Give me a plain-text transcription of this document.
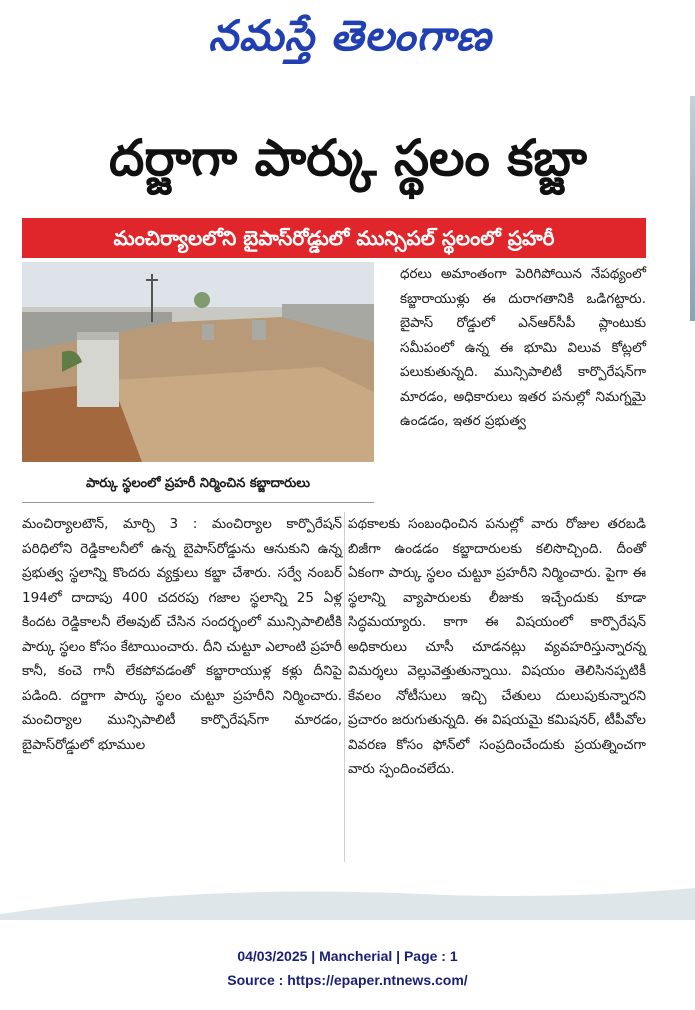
నమస్తే తెలంగాణ
దర్జాగా పార్కు స్థలం కబ్జా
మంచిర్యాలలోని బైపాస్‌రోడ్డులో మున్సిపల్ స్థలంలో ప్రహరీ
పార్కు స్థలంలో ప్రహరీ నిర్మించిన కబ్జాదారులు

ధరలు అమాంతంగా పెరిగిపోయిన నేపథ్యంలో కబ్జారాయుళ్లు ఈ దురాగతానికి ఒడిగట్టారు. బైపాస్ రోడ్డులో ఎన్ఆర్‌సీపీ ప్లాంటుకు సమీపంలో ఉన్న ఈ భూమి విలువ కోట్లలో పలుకుతున్నది. మున్సిపాలిటీ కార్పొరేషన్‌గా మారడం, అధికారులు ఇతర పనుల్లో నిమగ్నమై ఉండడం, ఇతర ప్రభుత్వ

మంచిర్యాలటౌన్, మార్చి 3 : మంచిర్యాల కార్పొరేషన్ పరిధిలోని రెడ్డికాలనీలో ఉన్న బైపాస్‌రోడ్డును ఆనుకుని ఉన్న ప్రభుత్వ స్థలాన్ని కొందరు వ్యక్తులు కబ్జా చేశారు. సర్వే నంబర్ 194లో దాదాపు 400 చదరపు గజాల స్థలాన్ని 25 ఏళ్ల కిందట రెడ్డికాలనీ లేఅవుట్ చేసిన సందర్భంలో మున్సిపాలిటీకి పార్కు స్థలం కోసం కేటాయించారు. దీని చుట్టూ ఎలాంటి ప్రహరీ కానీ, కంచె గానీ లేకపోవడంతో కబ్జారాయుళ్ల కళ్లు దీనిపై పడింది. దర్జాగా పార్కు స్థలం చుట్టూ ప్రహరీని నిర్మించారు. మంచిర్యాల మున్సిపాలిటీ కార్పొరేషన్‌గా మారడం, బైపాస్‌రోడ్డులో భూముల

పథకాలకు సంబంధించిన పనుల్లో వారు రోజుల తరబడి బిజీగా ఉండడం కబ్జాదారులకు కలిసొచ్చింది. దీంతో ఏకంగా పార్కు స్థలం చుట్టూ ప్రహరీని నిర్మించారు. పైగా ఈ స్థలాన్ని వ్యాపారులకు లీజుకు ఇచ్చేందుకు కూడా సిద్ధమయ్యారు. కాగా ఈ విషయంలో కార్పొరేషన్ అధికారులు చూసీ చూడనట్లు వ్యవహరిస్తున్నారన్న విమర్శలు వెల్లువెత్తుతున్నాయి. విషయం తెలిసినప్పటికీ కేవలం నోటీసులు ఇచ్చి చేతులు దులుపుకున్నారని ప్రచారం జరుగుతున్నది. ఈ విషయమై కమిషనర్, టీపీవోల వివరణ కోసం ఫోన్‌లో సంప్రదించేందుకు ప్రయత్నించగా వారు స్పందించలేదు.

04/03/2025 | Mancherial | Page : 1
Source : https://epaper.ntnews.com/
